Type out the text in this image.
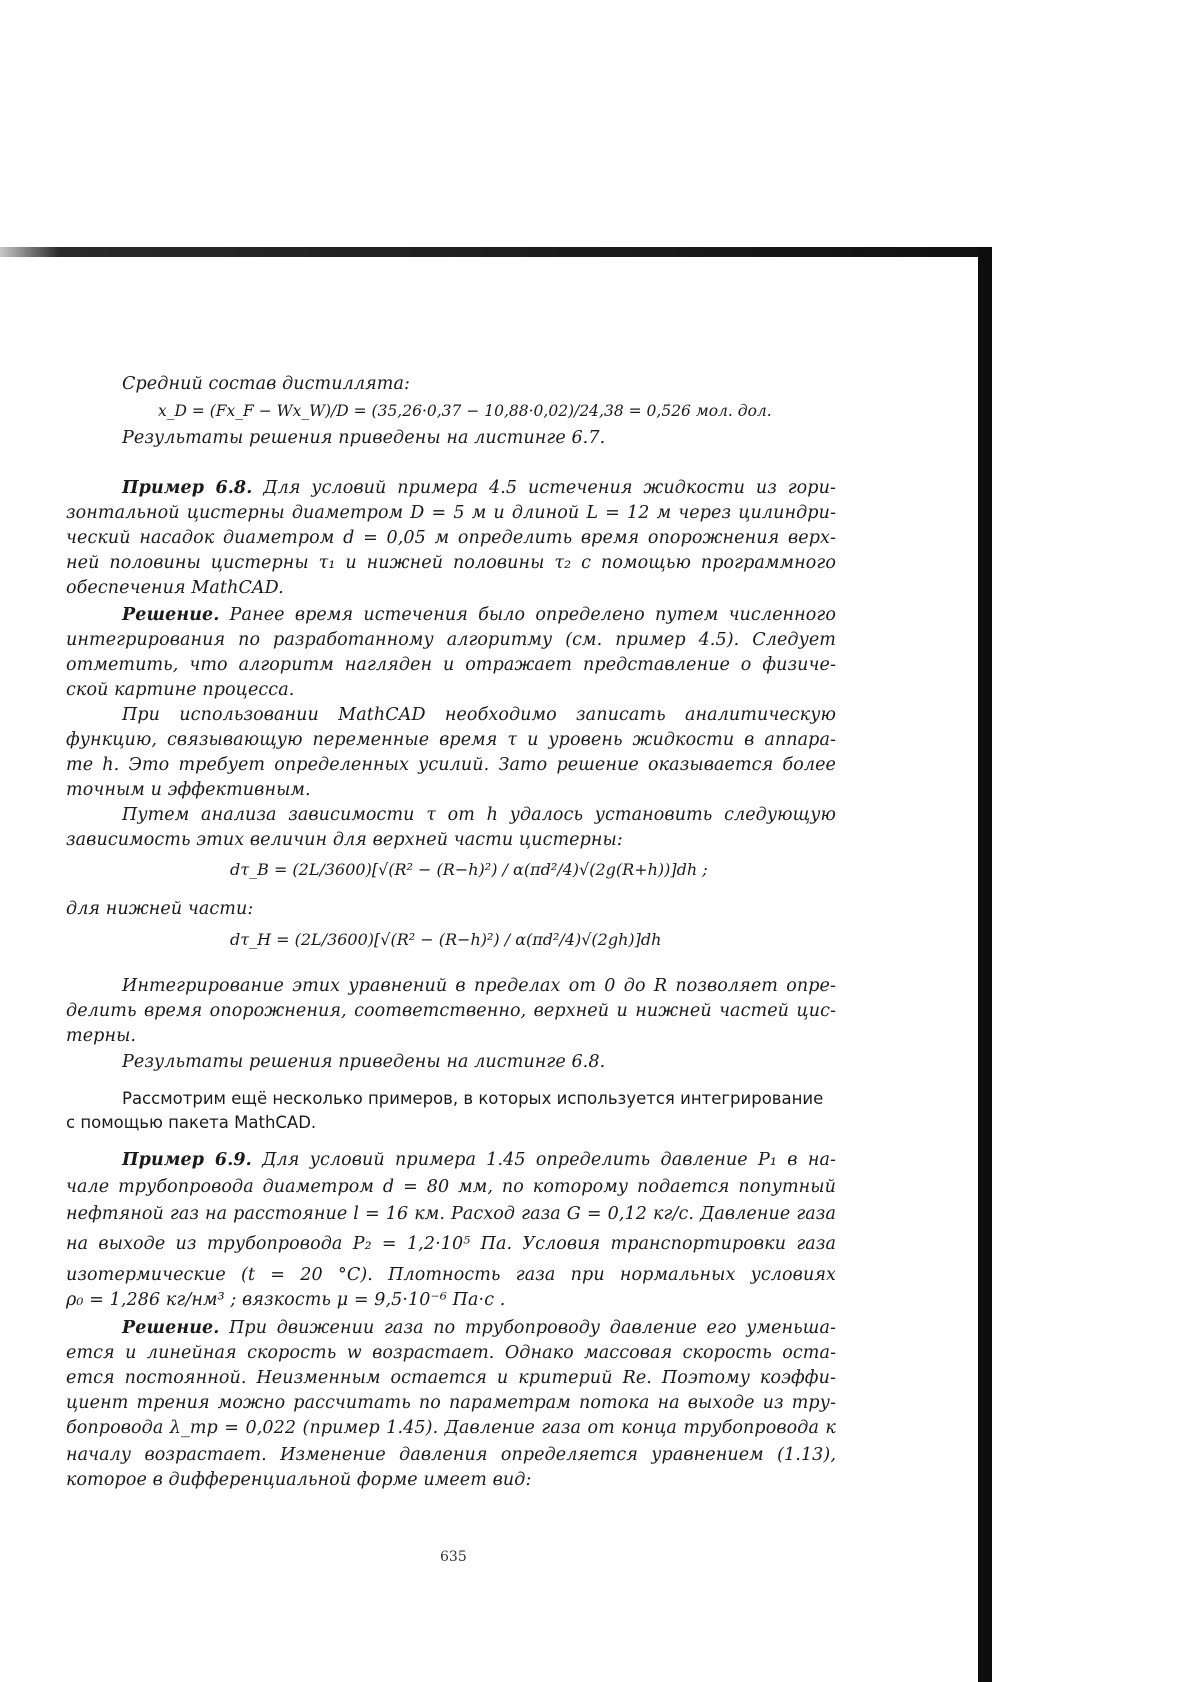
Средний состав дистиллята:
x_D = (Fx_F − Wx_W)/D = (35,26·0,37 − 10,88·0,02)/24,38 = 0,526 мол. дол.
Результаты решения приведены на листинге 6.7.
Пример 6.8. Для условий примера 4.5 истечения жидкости из гори-
зонтальной цистерны диаметром D = 5 м и длиной L = 12 м через цилиндри-
ческий насадок диаметром d = 0,05 м определить время опорожнения верх-
ней половины цистерны τ₁ и нижней половины τ₂ с помощью программного
обеспечения MathCAD.
Решение. Ранее время истечения было определено путем численного
интегрирования по разработанному алгоритму (см. пример 4.5). Следует
отметить, что алгоритм нагляден и отражает представление о физиче-
ской картине процесса.
При использовании MathCAD необходимо записать аналитическую
функцию, связывающую переменные время τ и уровень жидкости в аппара-
те h. Это требует определенных усилий. Зато решение оказывается более
точным и эффективным.
Путем анализа зависимости τ от h удалось установить следующую
зависимость этих величин для верхней части цистерны:
dτ_В = (2L/3600)[√(R² − (R−h)²) / α(πd²/4)√(2g(R+h))]dh ;
для нижней части:
dτ_Н = (2L/3600)[√(R² − (R−h)²) / α(πd²/4)√(2gh)]dh
Интегрирование этих уравнений в пределах от 0 до R позволяет опре-
делить время опорожнения, соответственно, верхней и нижней частей цис-
терны.
Результаты решения приведены на листинге 6.8.
Рассмотрим ещё несколько примеров, в которых используется интегрирование
с помощью пакета MathCAD.
Пример 6.9. Для условий примера 1.45 определить давление P₁ в на-
чале трубопровода диаметром d = 80 мм, по которому подается попутный
нефтяной газ на расстояние l = 16 км. Расход газа G = 0,12 кг/с. Давление газа
на выходе из трубопровода P₂ = 1,2·10⁵ Па. Условия транспортировки газа
изотермические (t = 20 °C). Плотность газа при нормальных условиях
ρ₀ = 1,286 кг/нм³ ; вязкость μ = 9,5·10⁻⁶ Па·с .
Решение. При движении газа по трубопроводу давление его уменьша-
ется и линейная скорость w возрастает. Однако массовая скорость оста-
ется постоянной. Неизменным остается и критерий Re. Поэтому коэффи-
циент трения можно рассчитать по параметрам потока на выходе из тру-
бопровода λ_тр = 0,022 (пример 1.45). Давление газа от конца трубопровода к
началу возрастает. Изменение давления определяется уравнением (1.13),
которое в дифференциальной форме имеет вид:
635
